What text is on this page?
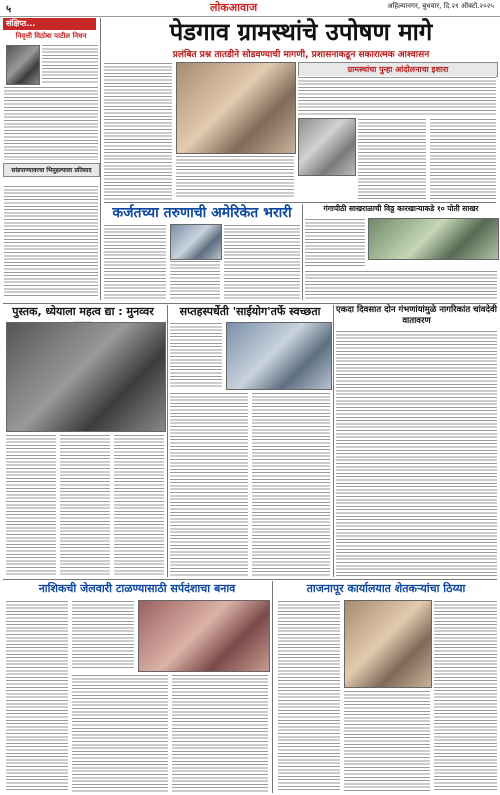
५	लोकआवाज	अहिल्यानगर, बुधवार, दि.२९ ऑक्टो.२०२५
संक्षिप्त...
निवृत्ती विठोबा पाटील निधन
सांडपाण्यावरचा भिमुहल्याला प्रतिसाद
पेडगाव ग्रामस्थांचे उपोषण मागे
प्रलंबित प्रश्न तातडीने सोडवण्याची मागणी, प्रशासनाकडून सकारात्मक आश्वासन
ग्रामस्थांचा पुन्हा आंदोलनाचा इशारा
कर्जतच्या तरुणाची अमेरिकेत भरारी	गंगापीठी साखराळाची विठ्ठ कारखान्याकडे १० पोती साखर
पुस्तक, ध्येयाला महत्व द्या : मुनव्वर	सप्तहस्पर्धेती 'साईयोग'तर्फे स्वच्छता	एकदा दिवसात दोन गंभणांयांमुळे नागरिकांत चांवदेवी वातावरण
नाशिकची जेलवारी टाळण्यासाठी सर्पदंशाचा बनाव	ताजनापूर कार्यालयात शेतकऱ्यांचा ठिय्या
